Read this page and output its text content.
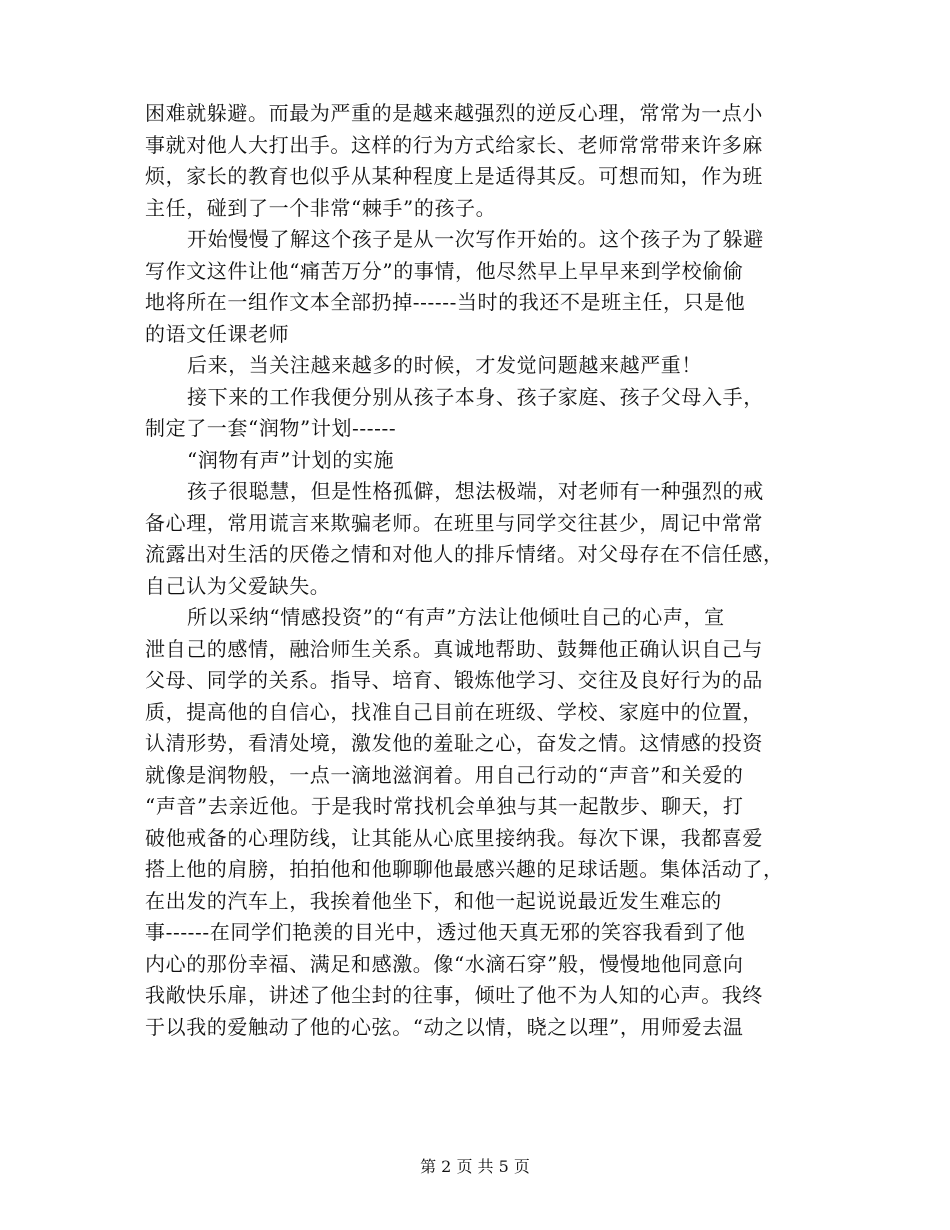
困难就躲避。而最为严重的是越来越强烈的逆反心理，常常为一点小
事就对他人大打出手。这样的行为方式给家长、老师常常带来许多麻
烦，家长的教育也似乎从某种程度上是适得其反。可想而知，作为班
主任，碰到了一个非常“棘手”的孩子。
开始慢慢了解这个孩子是从一次写作开始的。这个孩子为了躲避
写作文这件让他“痛苦万分”的事情，他尽然早上早早来到学校偷偷
地将所在一组作文本全部扔掉------当时的我还不是班主任，只是他
的语文任课老师
后来，当关注越来越多的时候，才发觉问题越来越严重！
接下来的工作我便分别从孩子本身、孩子家庭、孩子父母入手，
制定了一套“润物”计划------
“润物有声”计划的实施
孩子很聪慧，但是性格孤僻，想法极端，对老师有一种强烈的戒
备心理，常用谎言来欺骗老师。在班里与同学交往甚少，周记中常常
流露出对生活的厌倦之情和对他人的排斥情绪。对父母存在不信任感，
自己认为父爱缺失。
所以采纳“情感投资”的“有声”方法让他倾吐自己的心声，宣
泄自己的感情，融洽师生关系。真诚地帮助、鼓舞他正确认识自己与
父母、同学的关系。指导、培育、锻炼他学习、交往及良好行为的品
质，提高他的自信心，找准自己目前在班级、学校、家庭中的位置，
认清形势，看清处境，激发他的羞耻之心，奋发之情。这情感的投资
就像是润物般，一点一滴地滋润着。用自己行动的“声音”和关爱的
“声音”去亲近他。于是我时常找机会单独与其一起散步、聊天，打
破他戒备的心理防线，让其能从心底里接纳我。每次下课，我都喜爱
搭上他的肩膀，拍拍他和他聊聊他最感兴趣的足球话题。集体活动了，
在出发的汽车上，我挨着他坐下，和他一起说说最近发生难忘的
事------在同学们艳羡的目光中，透过他天真无邪的笑容我看到了他
内心的那份幸福、满足和感激。像“水滴石穿”般，慢慢地他同意向
我敞快乐扉，讲述了他尘封的往事，倾吐了他不为人知的心声。我终
于以我的爱触动了他的心弦。“动之以情，晓之以理”，用师爱去温
第 2 页 共 5 页
